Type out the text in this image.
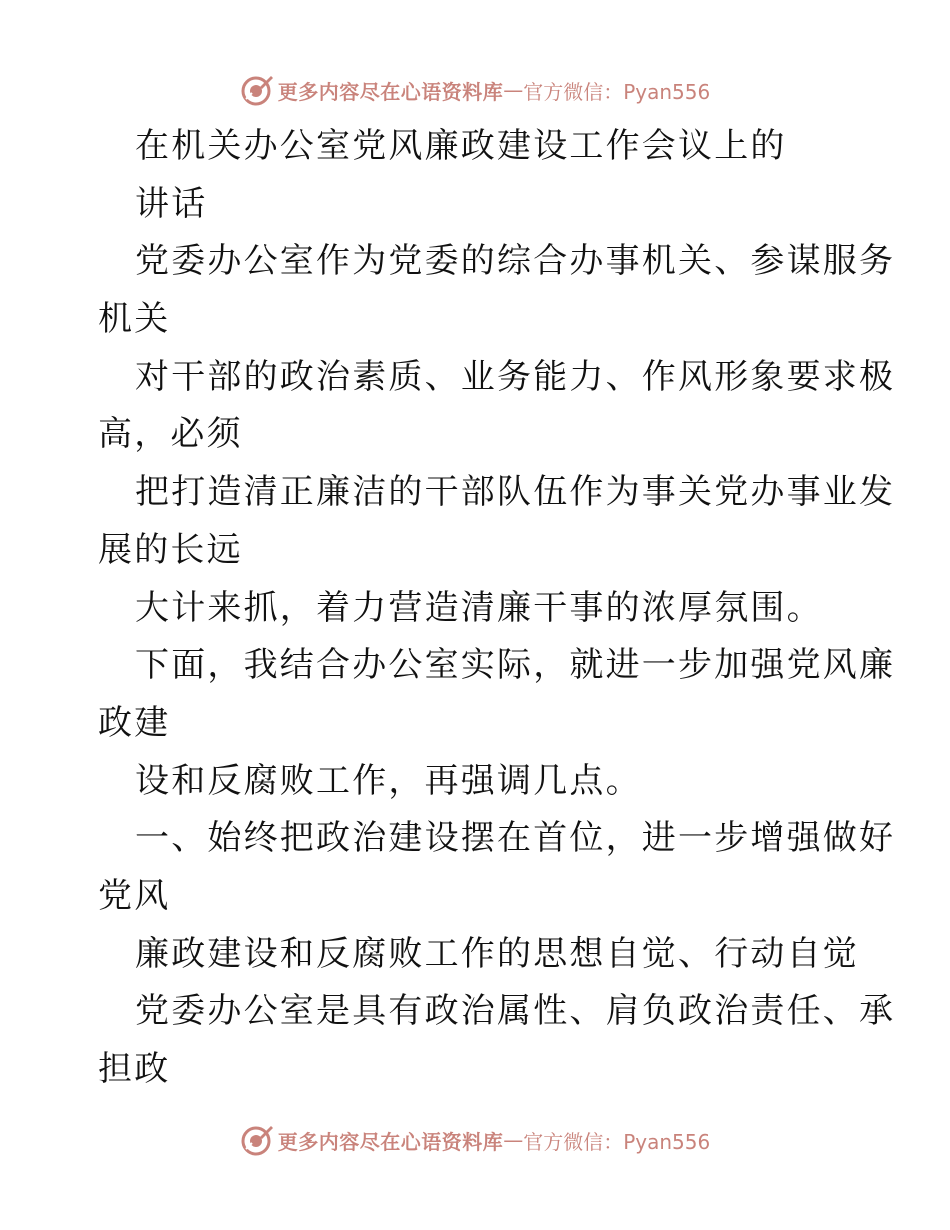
更多内容尽在心语资料库 — 官方微信：Pyan556
在机关办公室党风廉政建设工作会议上的
讲话
党委办公室作为党委的综合办事机关、参谋服务
机关
对干部的政治素质、业务能力、作风形象要求极
高，必须
把打造清正廉洁的干部队伍作为事关党办事业发
展的长远
大计来抓，着力营造清廉干事的浓厚氛围。
下面，我结合办公室实际，就进一步加强党风廉
政建
设和反腐败工作，再强调几点。
一、始终把政治建设摆在首位，进一步增强做好
党风
廉政建设和反腐败工作的思想自觉、行动自觉
党委办公室是具有政治属性、肩负政治责任、承
担政
更多内容尽在心语资料库 — 官方微信：Pyan556
